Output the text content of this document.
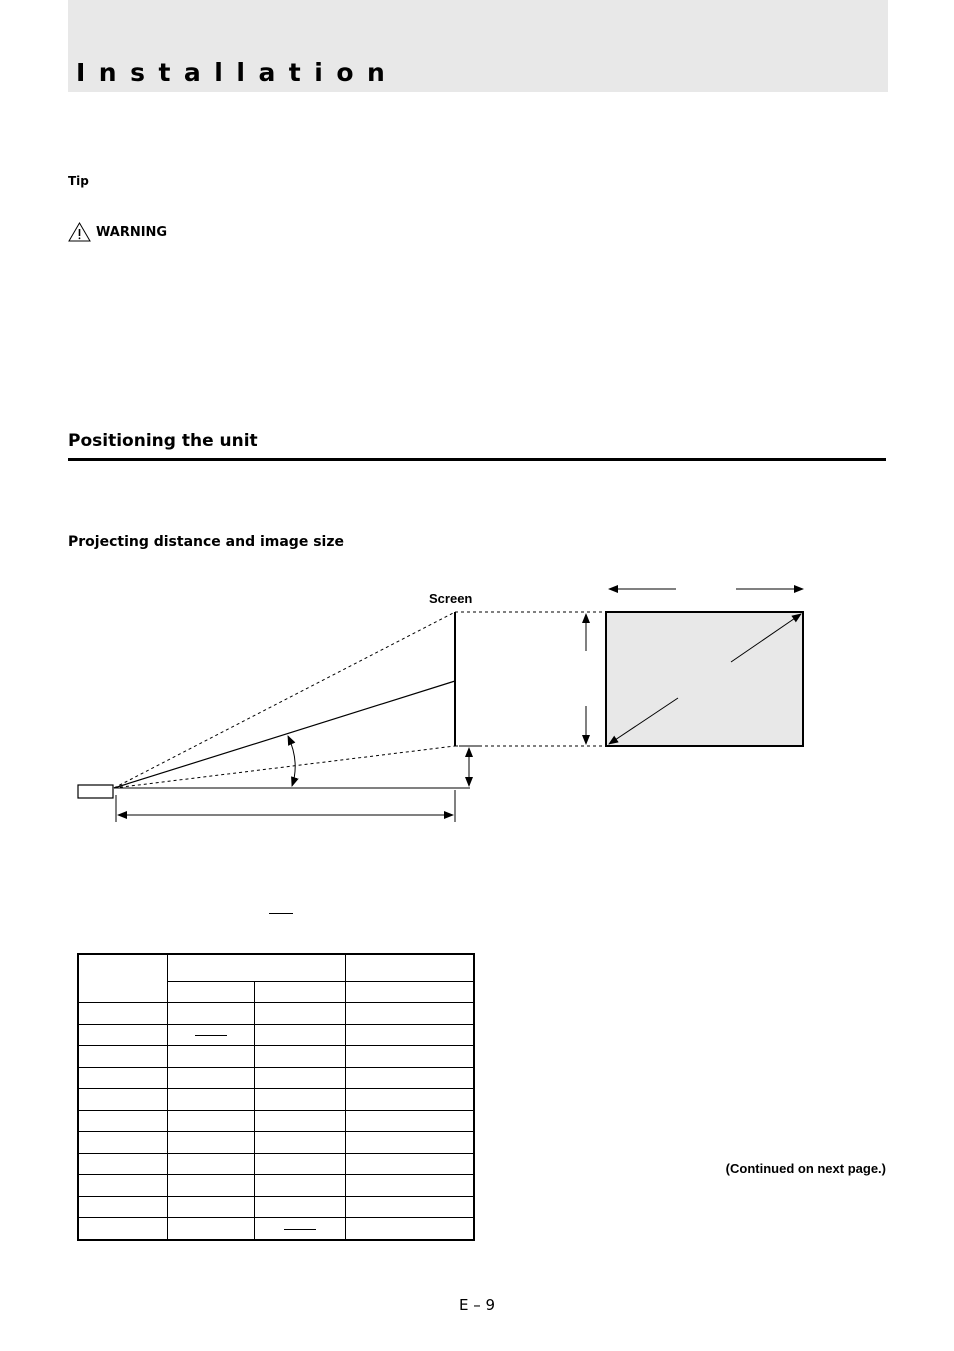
Installation
Tip
WARNING
Positioning the unit
Projecting distance and image size
Screen

(Continued on next page.)
E – 9
